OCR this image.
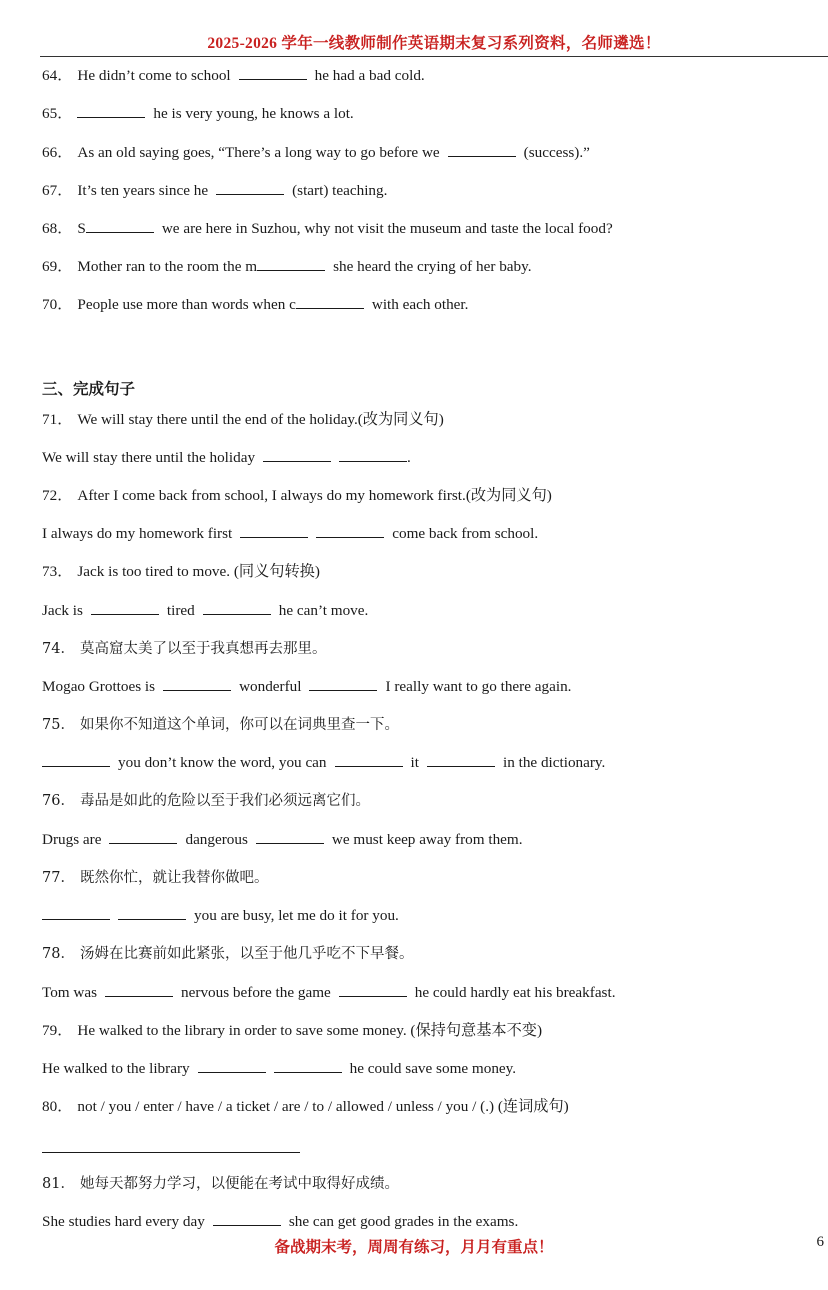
2025-2026 学年一线教师制作英语期末复习系列资料，名师遴选！
64． He didn’t come to school	he had a bad cold.
65．	he is very young, he knows a lot.
66． As an old saying goes, “There’s a long way to go before we	(success).”
67． It’s ten years since he	(start) teaching.
68． S	we are here in Suzhou, why not visit the museum and taste the local food?
69． Mother ran to the room the m	she heard the crying of her baby.
70． People use more than words when c	with each other.
三、完成句子
71． We will stay there until the end of the holiday.(改为同义句)
We will stay there until the holiday	.
72． After I come back from school, I always do my homework first.(改为同义句)
I always do my homework first	come back from school.
73． Jack is too tired to move. (同义句转换)
Jack is	tired	he can’t move.
74． 莫高窟太美了以至于我真想再去那里。
Mogao Grottoes is	wonderful	I really want to go there again.
75． 如果你不知道这个单词，你可以在词典里查一下。
you don’t know the word, you can	it	in the dictionary.
76． 毒品是如此的危险以至于我们必须远离它们。
Drugs are	dangerous	we must keep away from them.
77． 既然你忙，就让我替你做吧。
you are busy, let me do it for you.
78． 汤姆在比赛前如此紧张，以至于他几乎吃不下早餐。
Tom was	nervous before the game	he could hardly eat his breakfast.
79． He walked to the library in order to save some money. (保持句意基本不变)
He walked to the library	he could save some money.
80． not / you / enter / have / a ticket / are / to / allowed / unless / you / (.) (连词成句)
81． 她每天都努力学习，以便能在考试中取得好成绩。
She studies hard every day	she can get good grades in the exams.
备战期末考，周周有练习，月月有重点！	6
